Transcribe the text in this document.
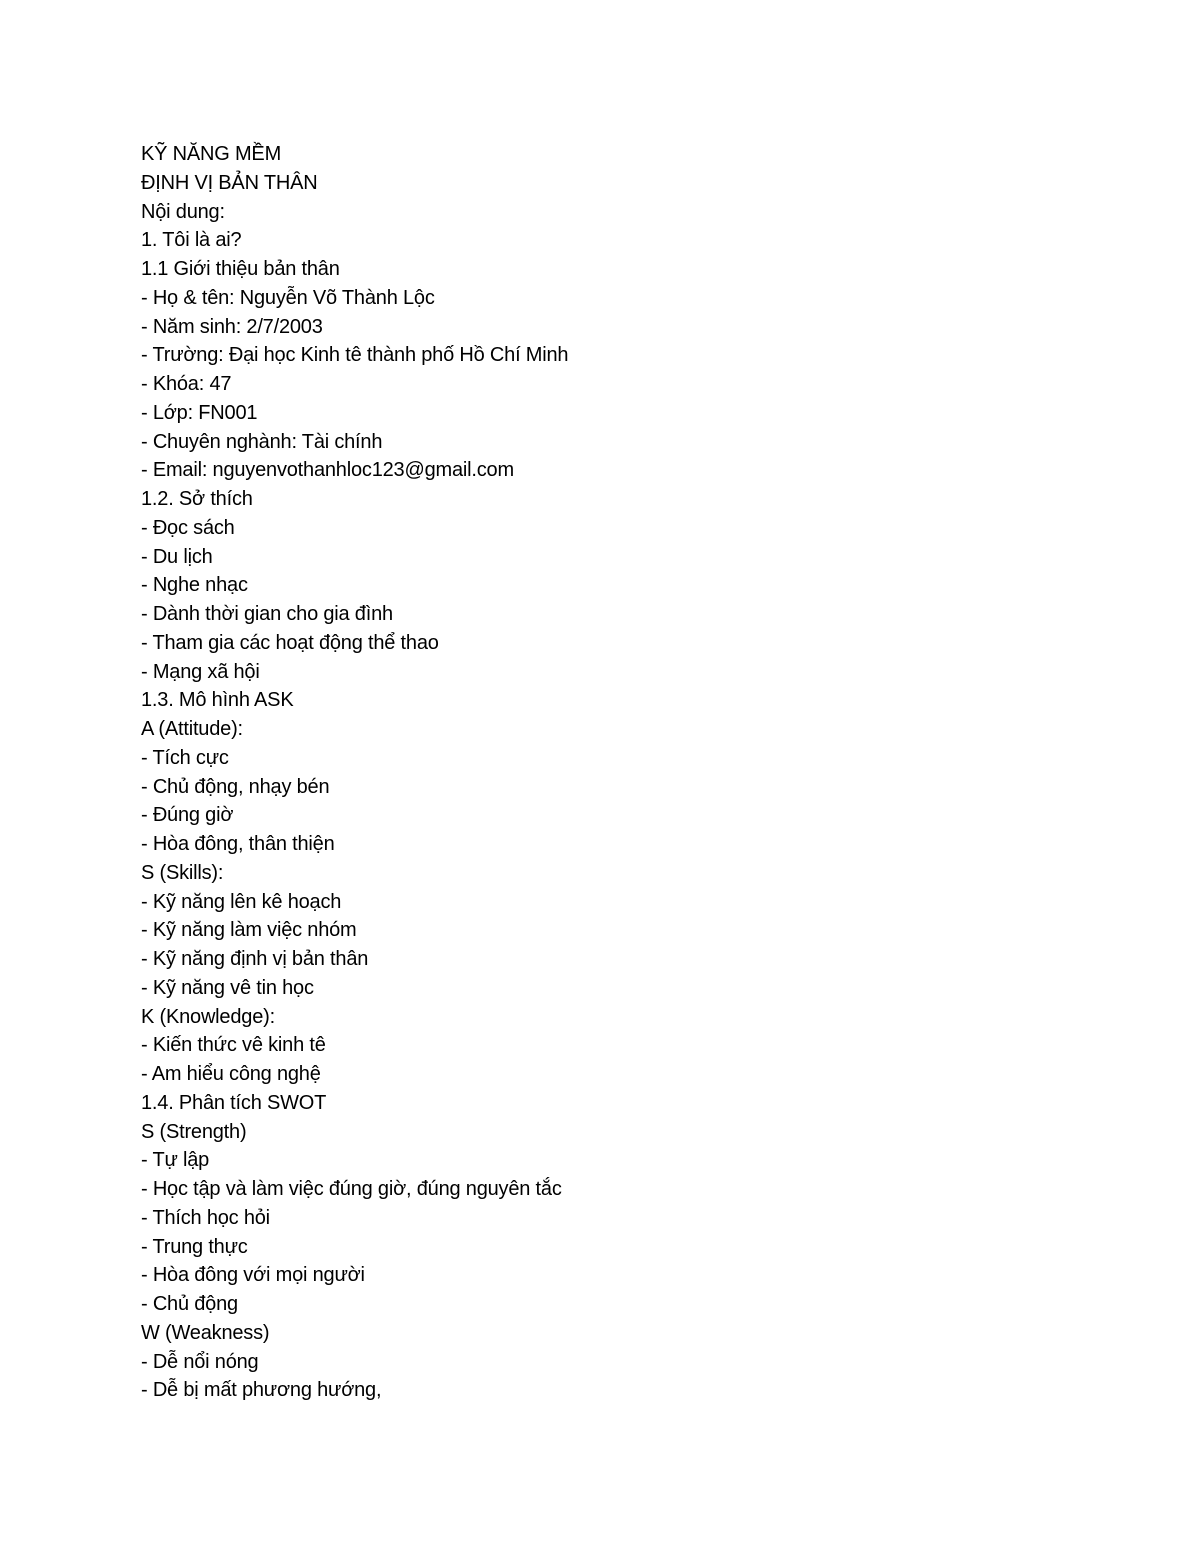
KỸ NĂNG MỀM
ĐỊNH VỊ BẢN THÂN
Nội dung:
1. Tôi là ai?
1.1 Giới thiệu bản thân
- Họ & tên: Nguyễn Võ Thành Lộc
- Năm sinh: 2/7/2003
- Trường: Đại học Kinh tê thành phố Hồ Chí Minh
- Khóa: 47
- Lớp: FN001
- Chuyên nghành: Tài chính
- Email: nguyenvothanhloc123@gmail.com
1.2. Sở thích
- Đọc sách
- Du lịch
- Nghe nhạc
- Dành thời gian cho gia đình
- Tham gia các hoạt động thể thao
- Mạng xã hội
1.3. Mô hình ASK
A (Attitude):
- Tích cực
- Chủ động, nhạy bén
- Đúng giờ
- Hòa đông, thân thiện
S (Skills):
- Kỹ năng lên kê hoạch
- Kỹ năng làm việc nhóm
- Kỹ năng định vị bản thân
- Kỹ năng vê tin học
K (Knowledge):
- Kiến thức vê kinh tê
- Am hiểu công nghệ
1.4. Phân tích SWOT
S (Strength)
- Tự lập
- Học tập và làm việc đúng giờ, đúng nguyên tắc
- Thích học hỏi
- Trung thực
- Hòa đông với mọi người
- Chủ động
W (Weakness)
- Dễ nổi nóng
- Dễ bị mất phương hướng,
